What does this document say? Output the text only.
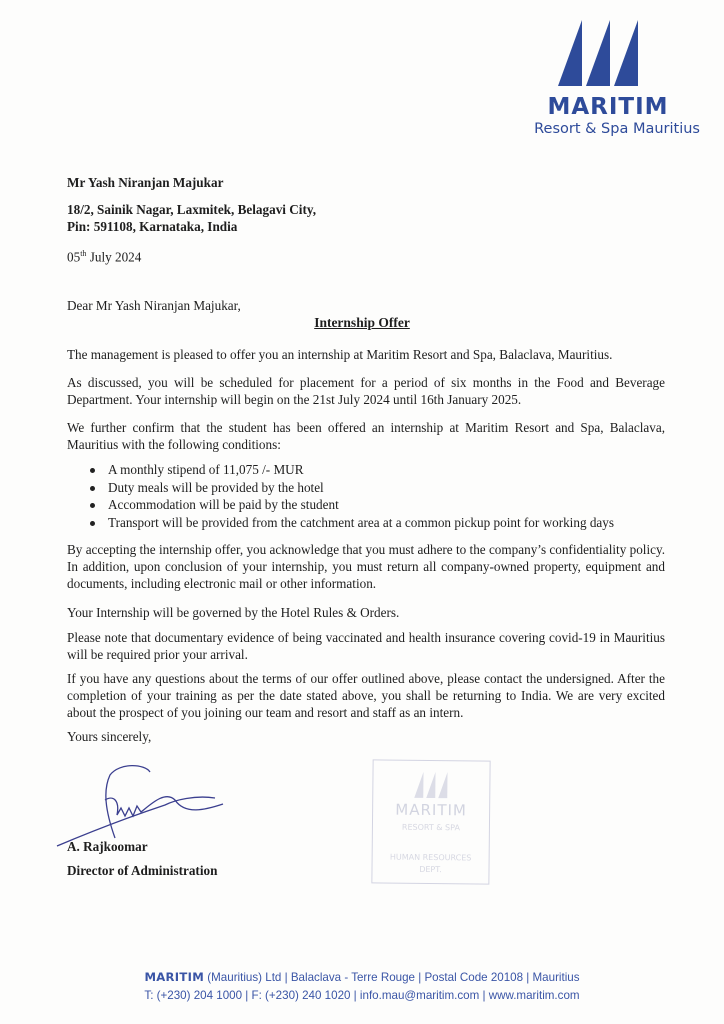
MARITIM
Resort & Spa Mauritius
Mr Yash Niranjan Majukar
18/2, Sainik Nagar, Laxmitek, Belagavi City,
Pin: 591108, Karnataka, India
05th July 2024
Dear Mr Yash Niranjan Majukar,
Internship Offer
The management is pleased to offer you an internship at Maritim Resort and Spa, Balaclava, Mauritius.
As discussed, you will be scheduled for placement for a period of six months in the Food and Beverage Department. Your internship will begin on the 21st July 2024 until 16th January 2025.
We further confirm that the student has been offered an internship at Maritim Resort and Spa, Balaclava, Mauritius with the following conditions:
A monthly stipend of 11,075 /- MUR
Duty meals will be provided by the hotel
Accommodation will be paid by the student
Transport will be provided from the catchment area at a common pickup point for working days
By accepting the internship offer, you acknowledge that you must adhere to the company’s confidentiality policy. In addition, upon conclusion of your internship, you must return all company-owned property, equipment and documents, including electronic mail or other information.
Your Internship will be governed by the Hotel Rules & Orders.
Please note that documentary evidence of being vaccinated and health insurance covering covid-19 in Mauritius will be required prior your arrival.
If you have any questions about the terms of our offer outlined above, please contact the undersigned. After the completion of your training as per the date stated above, you shall be returning to India. We are very excited about the prospect of you joining our team and resort and staff as an intern.
Yours sincerely,
A. Rajkoomar
Director of Administration
MARITIM
RESORT & SPA
HUMAN RESOURCES
DEPT.
MARITIM (Mauritius) Ltd | Balaclava - Terre Rouge | Postal Code 20108 | Mauritius
T: (+230) 204 1000 | F: (+230) 240 1020 | info.mau@maritim.com | www.maritim.com
